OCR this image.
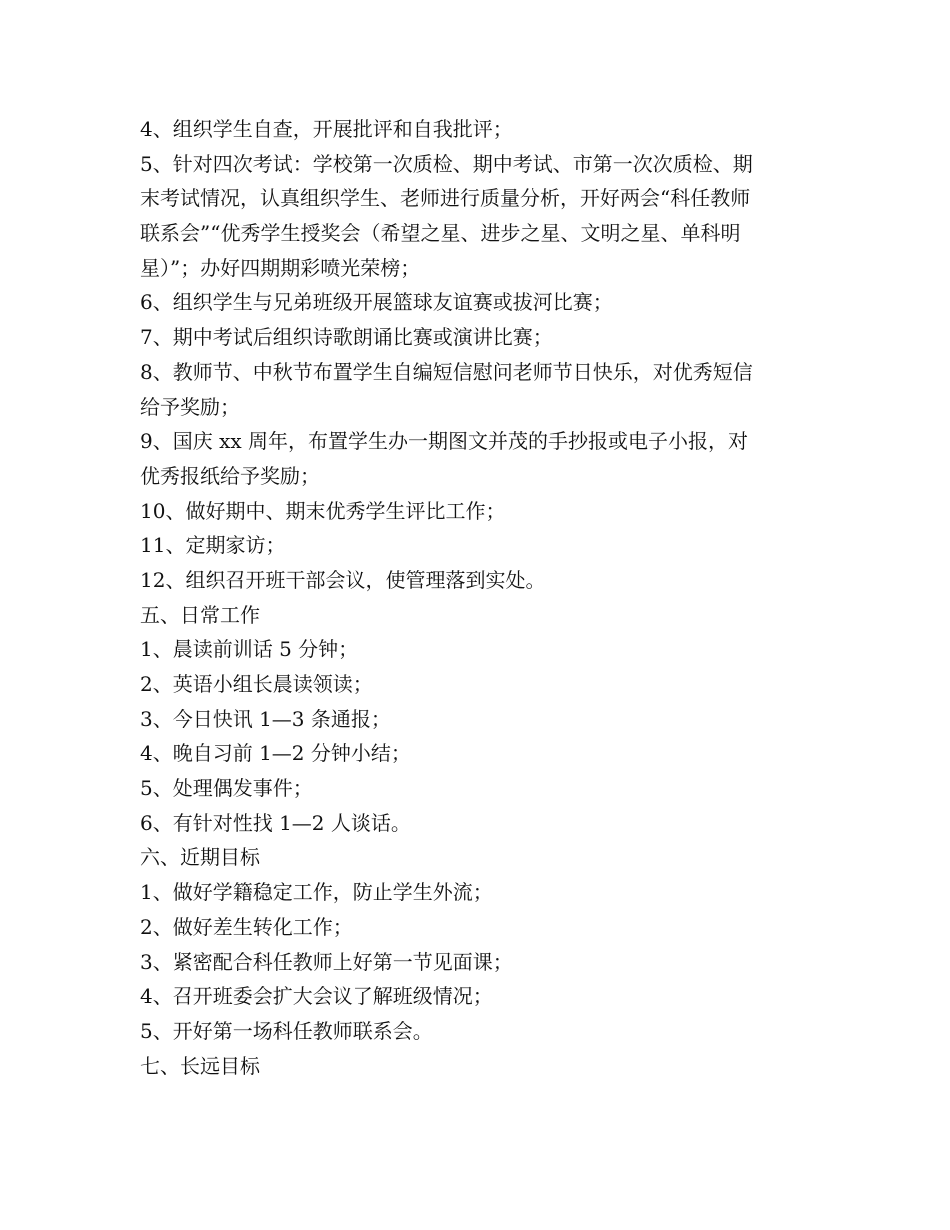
4、组织学生自查，开展批评和自我批评；
5、针对四次考试：学校第一次质检、期中考试、市第一次次质检、期
末考试情况，认真组织学生、老师进行质量分析，开好两会“科任教师
联系会”“优秀学生授奖会（希望之星、进步之星、文明之星、单科明
星）”；办好四期期彩喷光荣榜；
6、组织学生与兄弟班级开展篮球友谊赛或拔河比赛；
7、期中考试后组织诗歌朗诵比赛或演讲比赛；
8、教师节、中秋节布置学生自编短信慰问老师节日快乐，对优秀短信
给予奖励；
9、国庆 xx 周年，布置学生办一期图文并茂的手抄报或电子小报，对
优秀报纸给予奖励；
10、做好期中、期末优秀学生评比工作；
11、定期家访；
12、组织召开班干部会议，使管理落到实处。
五、日常工作
1、晨读前训话 5 分钟；
2、英语小组长晨读领读；
3、今日快讯 1—3 条通报；
4、晚自习前 1—2 分钟小结；
5、处理偶发事件；
6、有针对性找 1—2 人谈话。
六、近期目标
1、做好学籍稳定工作，防止学生外流；
2、做好差生转化工作；
3、紧密配合科任教师上好第一节见面课；
4、召开班委会扩大会议了解班级情况；
5、开好第一场科任教师联系会。
七、长远目标
